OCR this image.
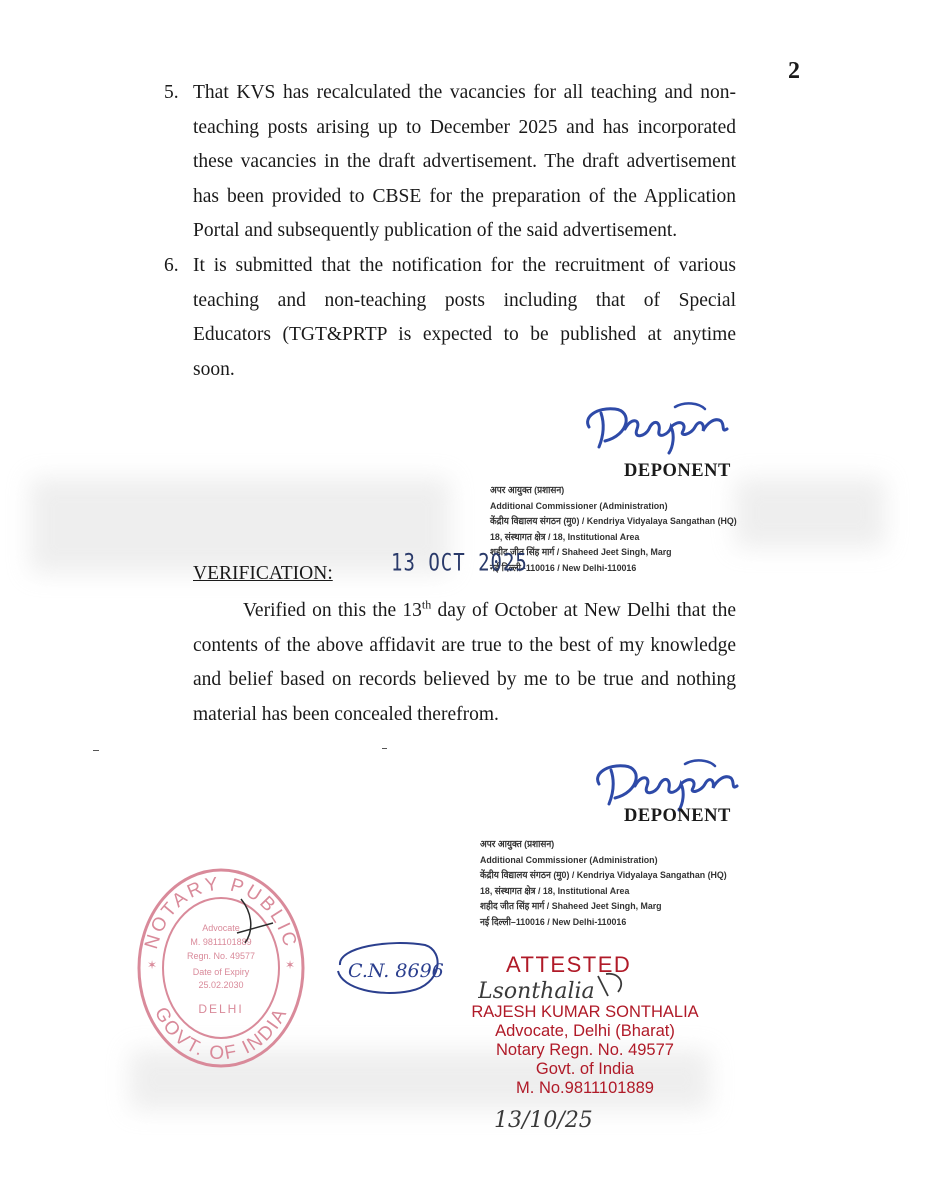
2
5. That KVS has recalculated the vacancies for all teaching and non-
teaching posts arising up to December 2025 and has incorporated
these vacancies in the draft advertisement. The draft advertisement
has been provided to CBSE for the preparation of the Application
Portal and subsequently publication of the said advertisement.
6. It is submitted that the notification for the recruitment of various
teaching and non-teaching posts including that of Special
Educators (TGT&PRTP is expected to be published at anytime
soon.
DEPONENT
अपर आयुक्त (प्रशासन)
Additional Commissioner (Administration)
केंद्रीय विद्यालय संगठन (मु0) / Kendriya Vidyalaya Sangathan (HQ)
18, संस्थागत क्षेत्र / 18, Institutional Area
शहीद जीत सिंह मार्ग / Shaheed Jeet Singh, Marg
नई दिल्ली–110016 / New Delhi-110016
13 OCT 2025
VERIFICATION:
Verified on this the 13th day of October at New Delhi that the
contents of the above affidavit are true to the best of my knowledge
and belief based on records believed by me to be true and nothing
material has been concealed therefrom.
DEPONENT
अपर आयुक्त (प्रशासन)
Additional Commissioner (Administration)
केंद्रीय विद्यालय संगठन (मु0) / Kendriya Vidyalaya Sangathan (HQ)
18, संस्थागत क्षेत्र / 18, Institutional Area
शहीद जीत सिंह मार्ग / Shaheed Jeet Singh, Marg
नई दिल्ली–110016 / New Delhi-110016
NOTARY PUBLIC
GOVT. OF INDIA
Advocate
M. 9811101889
Regn. No. 49577
Date of Expiry
25.02.2030
DELHI
✶	✶	C.N. 8696	ATTESTED
Lsonthalia
RAJESH KUMAR SONTHALIA
Advocate, Delhi (Bharat)
Notary Regn. No. 49577
Govt. of India
M. No.9811101889
13/10/25
